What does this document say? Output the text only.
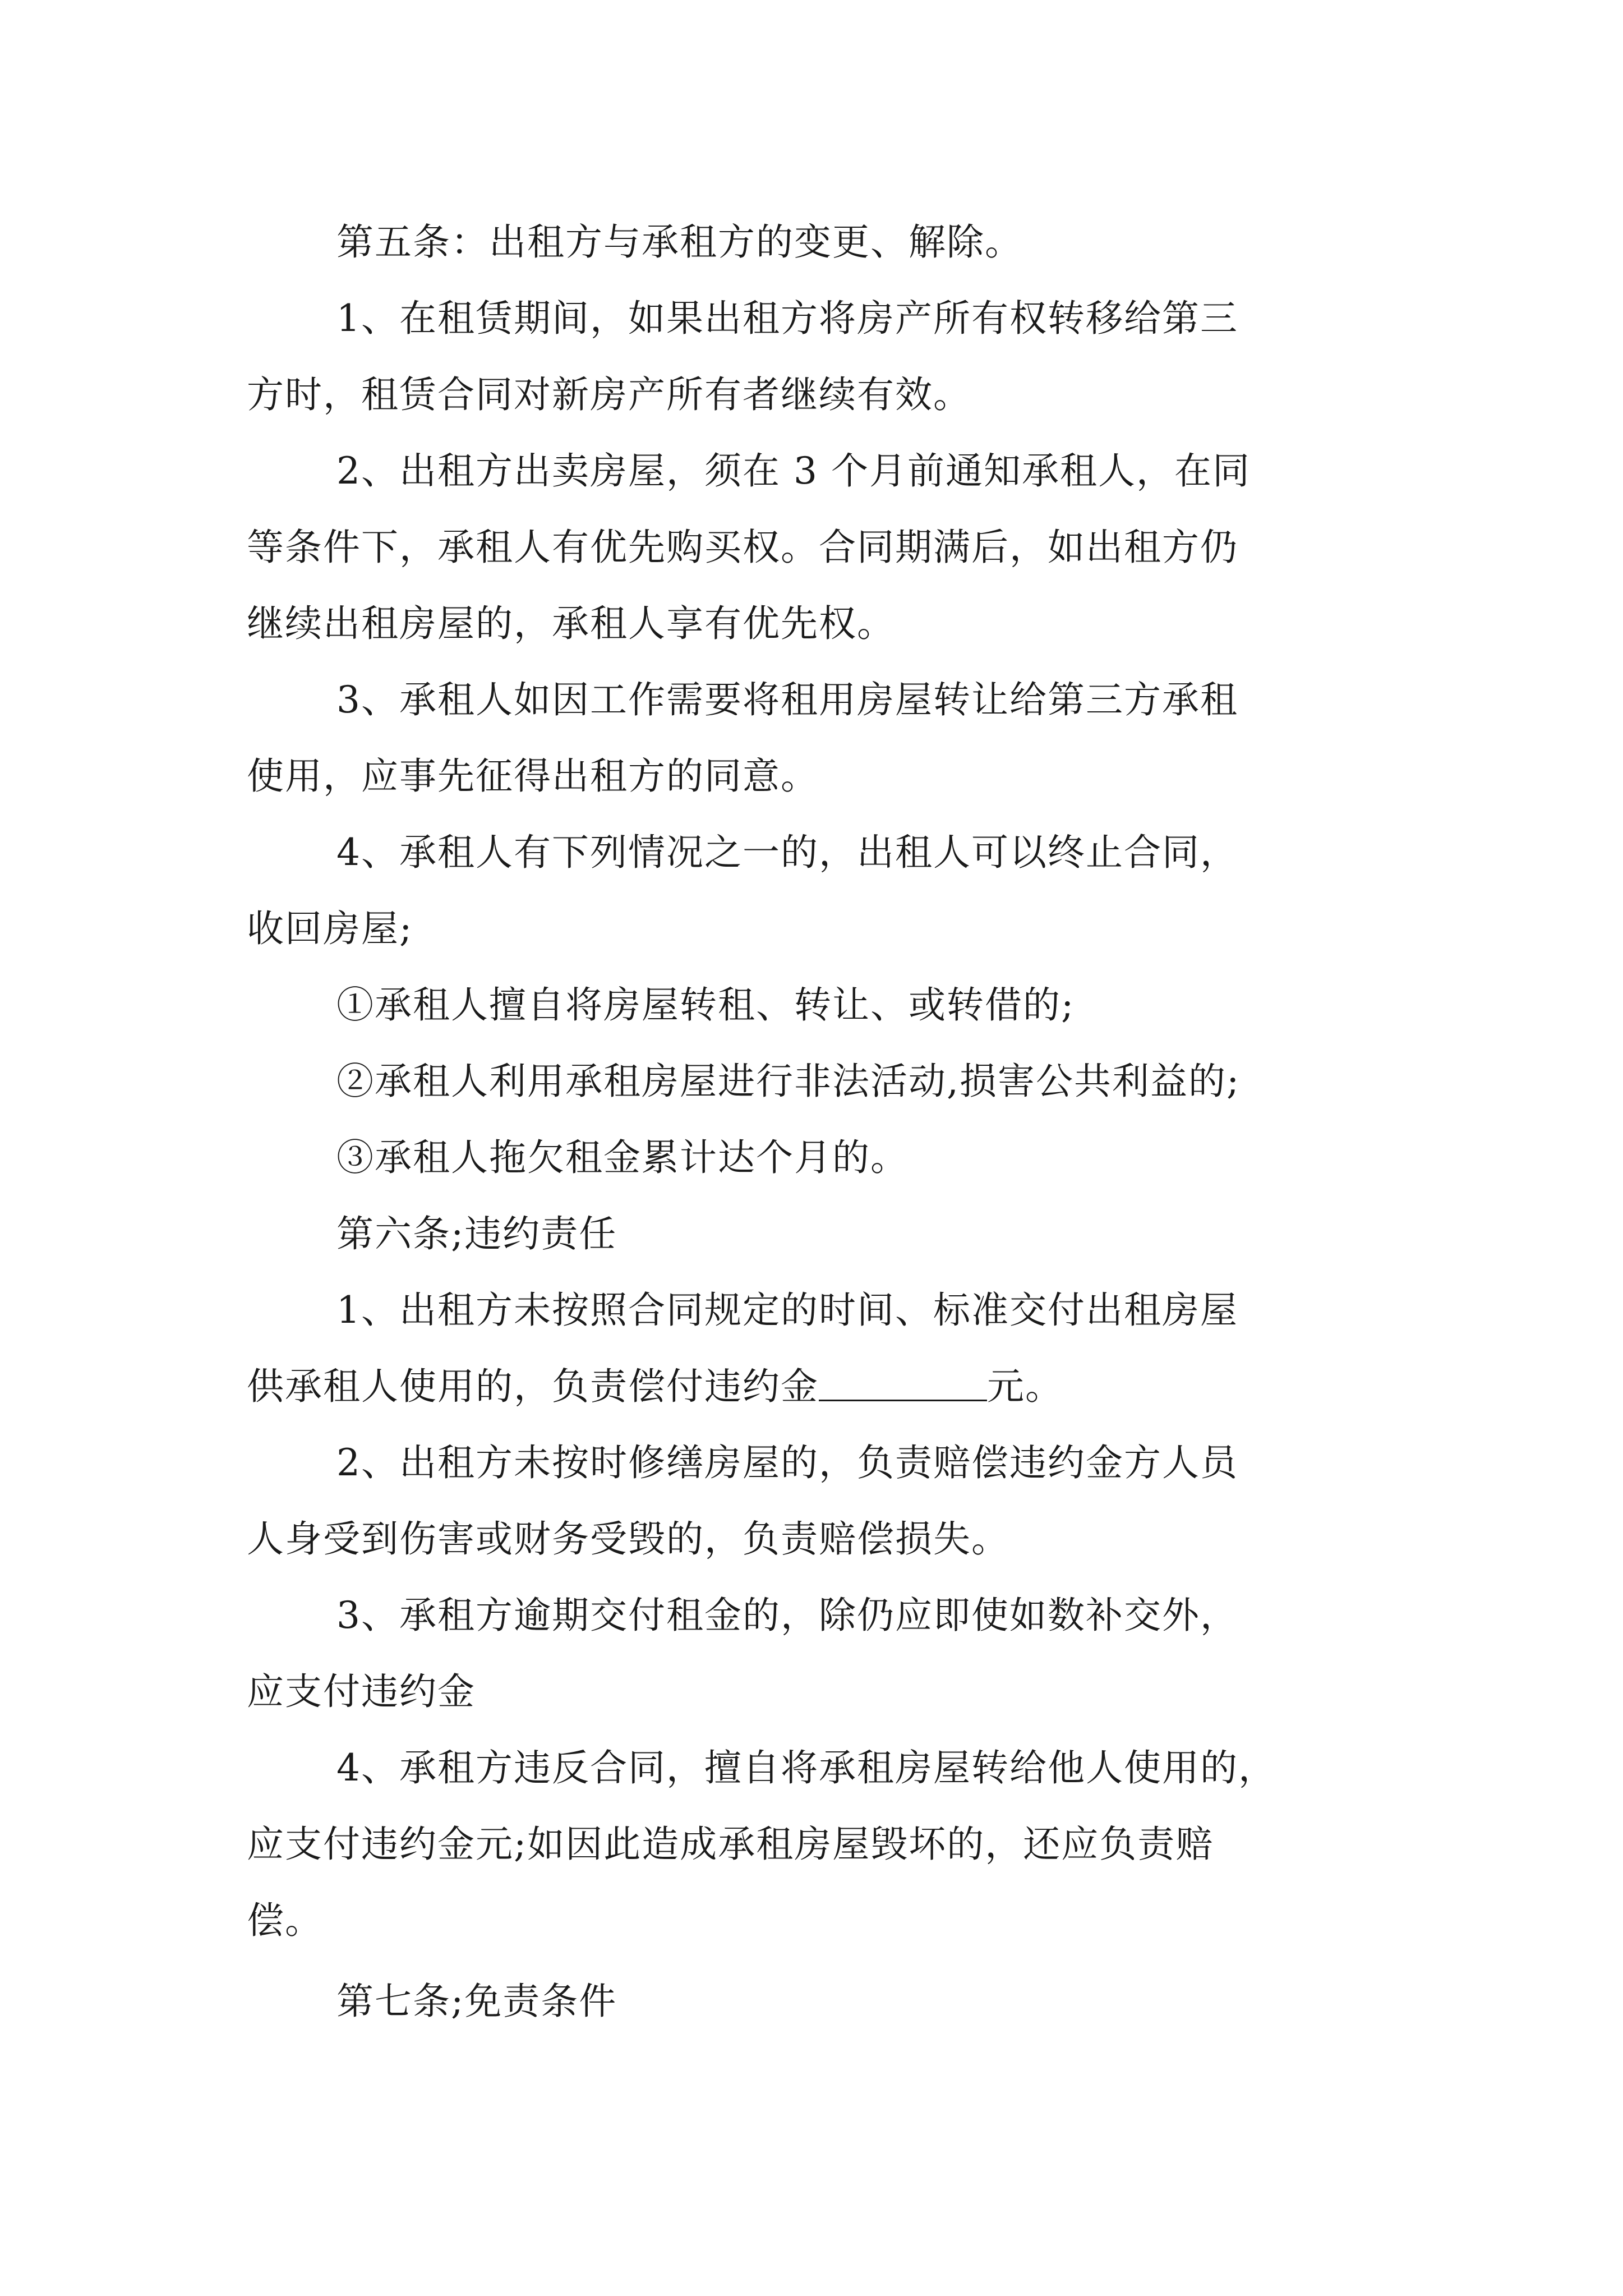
第五条：出租方与承租方的变更、解除。

1、在租赁期间，如果出租方将房产所有权转移给第三
方时，租赁合同对新房产所有者继续有效。

2、出租方出卖房屋，须在 3 个月前通知承租人，在同
等条件下，承租人有优先购买权。合同期满后，如出租方仍
继续出租房屋的，承租人享有优先权。

3、承租人如因工作需要将租用房屋转让给第三方承租
使用，应事先征得出租方的同意。

4、承租人有下列情况之一的，出租人可以终止合同，
收回房屋;

①承租人擅自将房屋转租、转让、或转借的;

②承租人利用承租房屋进行非法活动,损害公共利益的;

③承租人拖欠租金累计达个月的。

第六条;违约责任

1、出租方未按照合同规定的时间、标准交付出租房屋
供承租人使用的，负责偿付违约金	元。

2、出租方未按时修缮房屋的，负责赔偿违约金方人员
人身受到伤害或财务受毁的，负责赔偿损失。

3、承租方逾期交付租金的，除仍应即使如数补交外，
应支付违约金

4、承租方违反合同，擅自将承租房屋转给他人使用的，
应支付违约金元;如因此造成承租房屋毁坏的，还应负责赔
偿。

第七条;免责条件
